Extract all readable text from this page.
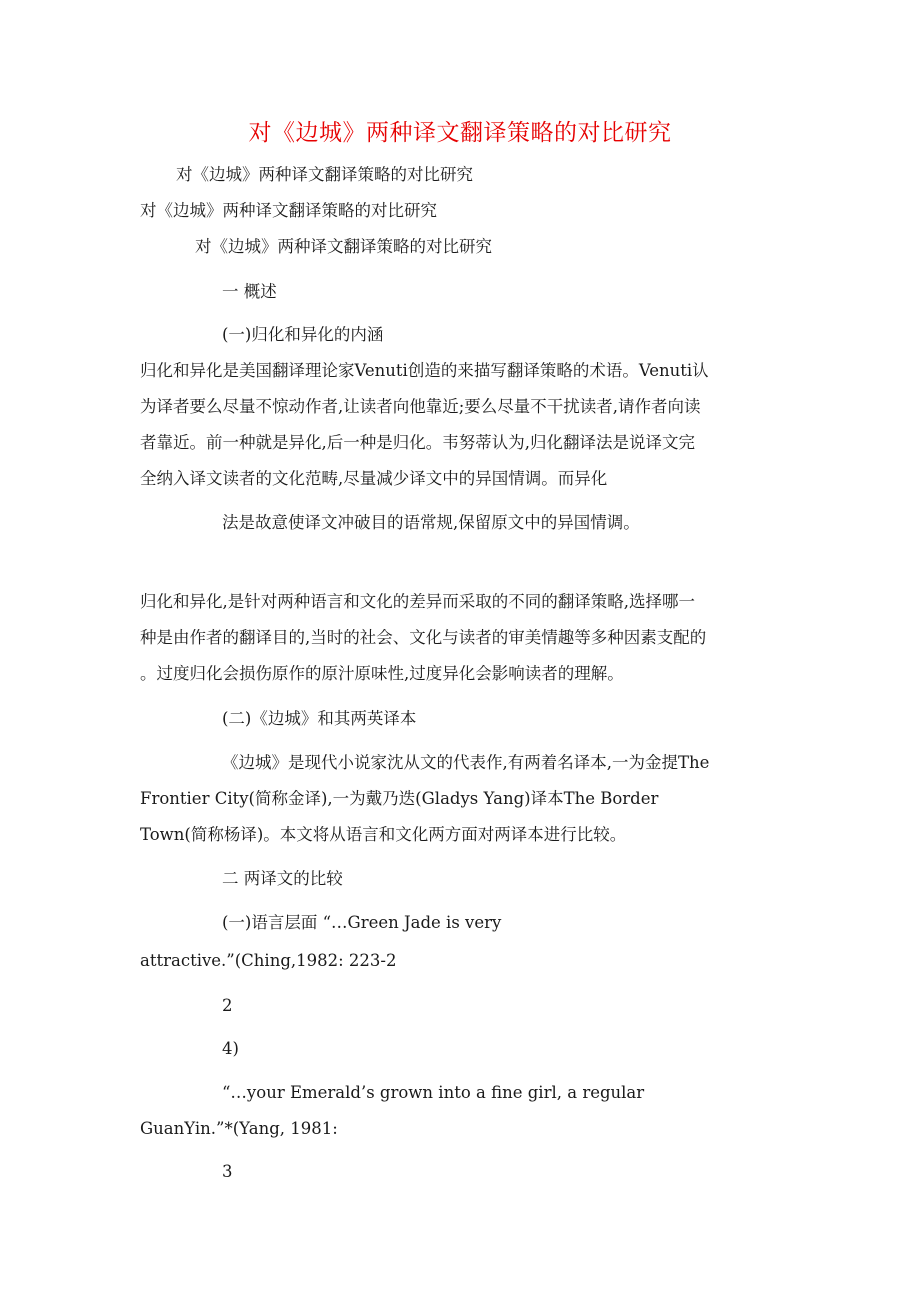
对《边城》两种译文翻译策略的对比研究
对《边城》两种译文翻译策略的对比研究
对《边城》两种译文翻译策略的对比研究
对《边城》两种译文翻译策略的对比研究
一 概述
(一)归化和异化的内涵
归化和异化是美国翻译理论家Venuti创造的来描写翻译策略的术语。Venuti认
为译者要么尽量不惊动作者,让读者向他靠近;要么尽量不干扰读者,请作者向读
者靠近。前一种就是异化,后一种是归化。韦努蒂认为,归化翻译法是说译文完
全纳入译文读者的文化范畴,尽量减少译文中的异国情调。而异化
法是故意使译文冲破目的语常规,保留原文中的异国情调。
归化和异化,是针对两种语言和文化的差异而采取的不同的翻译策略,选择哪一
种是由作者的翻译目的,当时的社会、文化与读者的审美情趣等多种因素支配的
。过度归化会损伤原作的原汁原味性,过度异化会影响读者的理解。
(二)《边城》和其两英译本
《边城》是现代小说家沈从文的代表作,有两着名译本,一为金提The
Frontier City(简称金译),一为戴乃迭(Gladys Yang)译本The Border
Town(简称杨译)。本文将从语言和文化两方面对两译本进行比较。
二 两译文的比较
(一)语言层面 “…Green Jade is very
attractive.”(Ching,1982: 223-2
2
4)
“…your Emerald’s grown into a fine girl, a regular
GuanYin.”*(Yang, 1981:
3
